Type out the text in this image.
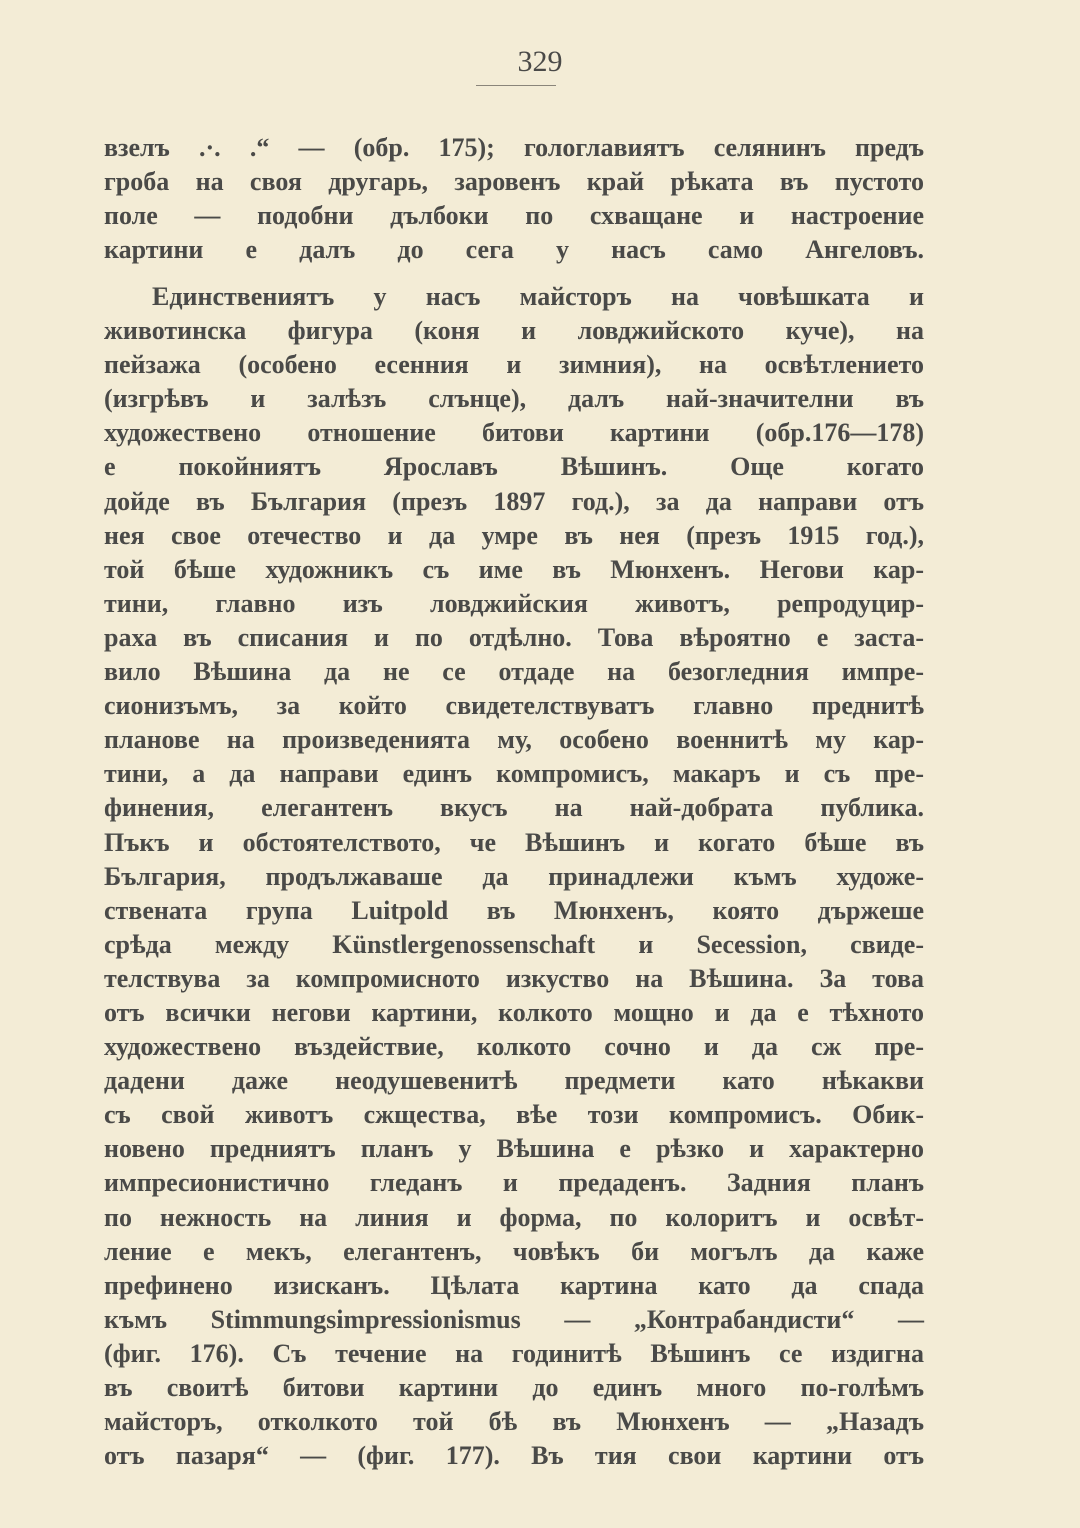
329
взелъ .·. .“ — (обр. 175); гологлавиятъ селянинъ предъ
гроба на своя другарь, заровенъ край рѣката въ пустото
поле — подобни дълбоки по схващане и настроение
картини е далъ до сега у насъ само Ангеловъ.
Единствениятъ у насъ майсторъ на човѣшката и
животинска фигура (коня и ловджийското куче), на
пейзажа (особено есенния и зимния), на освѣтлението
(изгрѣвъ и залѣзъ слънце), далъ най-значителни въ
художествено отношение битови картини (обр.176—178)
е покойниятъ Ярославъ Вѣшинъ. Още когато
дойде въ България (презъ 1897 год.), за да направи отъ
нея свое отечество и да умре въ нея (презъ 1915 год.),
той бѣше художникъ съ име въ Мюнхенъ. Негови кар-
тини, главно изъ ловджийския животъ, репродуцир-
раха въ списания и по отдѣлно. Това вѣроятно е заста-
вило Вѣшина да не се отдаде на безогледния импре-
сионизъмъ, за който свидетелствуватъ главно преднитѣ
планове на произведенията му, особено военнитѣ му кар-
тини, а да направи единъ компромисъ, макаръ и съ пре-
финения, елегантенъ вкусъ на най-добрата публика.
Пъкъ и обстоятелството, че Вѣшинъ и когато бѣше въ
България, продължаваше да принадлежи къмъ художе-
ствената група Luitpold въ Мюнхенъ, която държеше
срѣда между Künstlergenossenschaft и Secession, свиде-
телствува за компромисното изкуство на Вѣшина. За това
отъ всички негови картини, колкото мощно и да е тѣхното
художествено въздействие, колкото сочно и да сж пре-
дадени даже неодушевенитѣ предмети като нѣкакви
съ свой животъ сжщества, вѣе този компромисъ. Обик-
новено предниятъ планъ у Вѣшина е рѣзко и характерно
импресионистично гледанъ и предаденъ. Задния планъ
по нежность на линия и форма, по колоритъ и освѣт-
ление е мекъ, елегантенъ, човѣкъ би могълъ да каже
префинено изисканъ. Цѣлата картина като да спада
къмъ Stimmungsimpressionismus — „Контрабандисти“ —
(фиг. 176). Съ течение на годинитѣ Вѣшинъ се издигна
въ своитѣ битови картини до единъ много по-голѣмъ
майсторъ, отколкото той бѣ въ Мюнхенъ — „Назадъ
отъ пазаря“ — (фиг. 177). Въ тия свои картини отъ
